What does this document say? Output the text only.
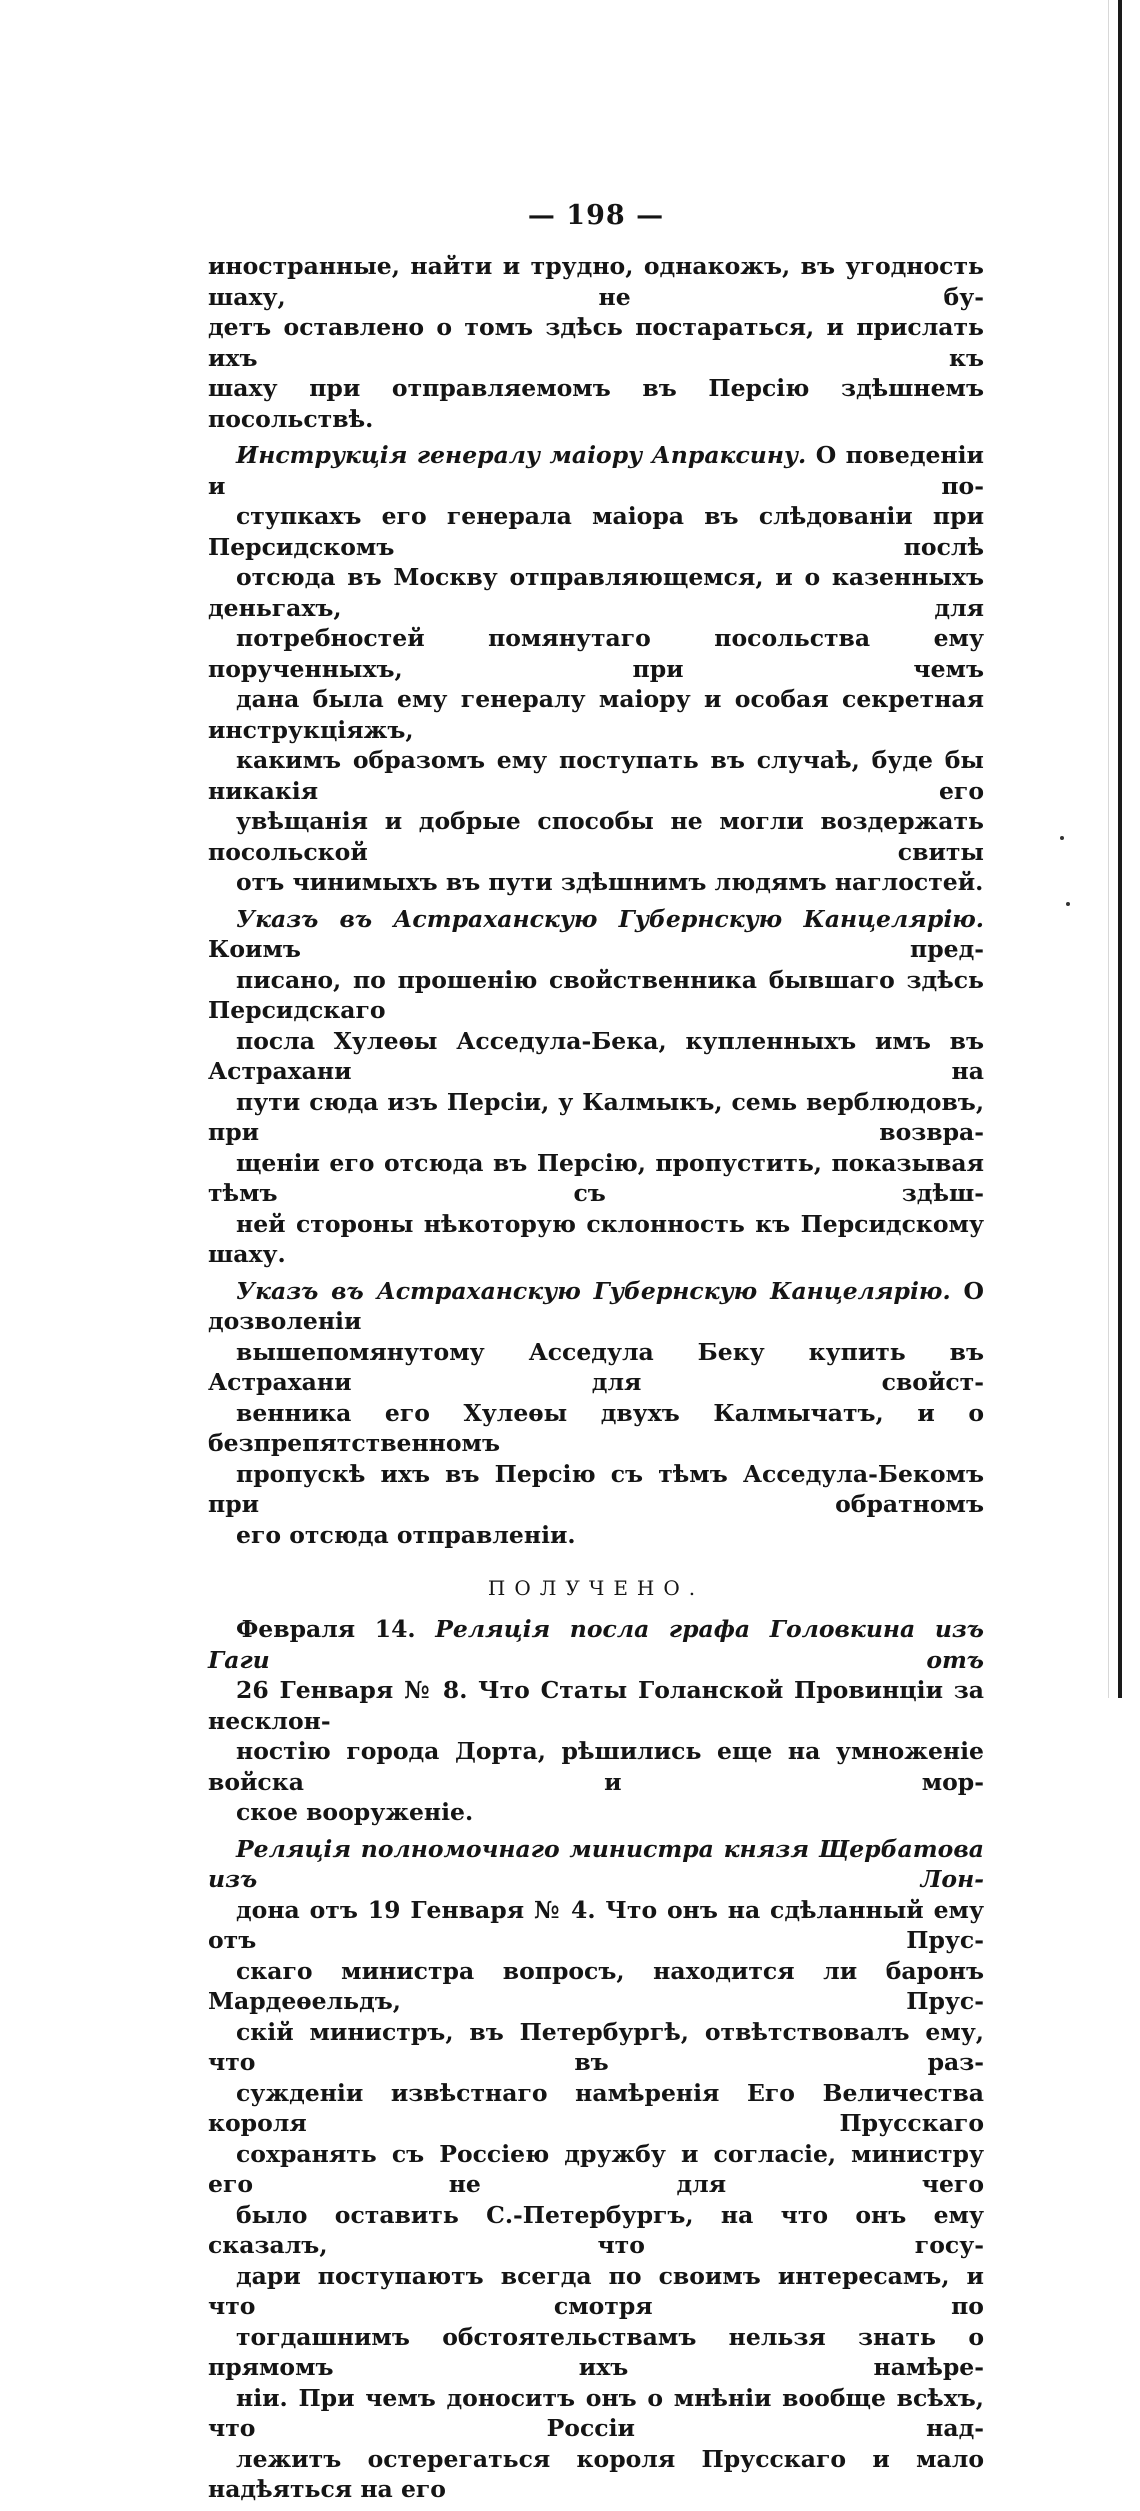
— 198 —

иностранные, найти и трудно, однакожъ, въ угодность шаху, не бу-
детъ оставлено о томъ здѣсь постараться, и прислать ихъ къ
шаху при отправляемомъ въ Персію здѣшнемъ посольствѣ.

Инструкція генералу маіору Апраксину. О поведеніи и по-
ступкахъ его генерала маіора въ слѣдованіи при Персидскомъ послѣ
отсюда въ Москву отправляющемся, и о казенныхъ деньгахъ, для
потребностей помянутаго посольства ему порученныхъ, при чемъ
дана была ему генералу маіору и особая секретная инструкціяжъ,
какимъ образомъ ему поступать въ случаѣ, буде бы никакія его
увѣщанія и добрые способы не могли воздержать посольской свиты
отъ чинимыхъ въ пути здѣшнимъ людямъ наглостей.

Указъ въ Астраханскую Губернскую Канцелярію. Коимъ пред-
писано, по прошенію свойственника бывшаго здѣсь Персидскаго
посла Хулеѳы Асседула-Бека, купленныхъ имъ въ Астрахани на
пути сюда изъ Персіи, у Калмыкъ, семь верблюдовъ, при возвра-
щеніи его отсюда въ Персію, пропустить, показывая тѣмъ съ здѣш-
ней стороны нѣкоторую склонность къ Персидскому шаху.

Указъ въ Астраханскую Губернскую Канцелярію. О дозволеніи
вышепомянутому Асседула Беку купить въ Астрахани для свойст-
венника его Хулеѳы двухъ Калмычатъ, и о безпрепятственномъ
пропускѣ ихъ въ Персію съ тѣмъ Асседула-Бекомъ при обратномъ
его отсюда отправленіи.

ПОЛУЧЕНО.

Февраля 14. Реляція посла графа Головкина изъ Гаги отъ
26 Генваря № 8. Что Статы Голанской Провинціи за несклон-
ностію города Дорта, рѣшились еще на умноженіе войска и мор-
ское вооруженіе.

Реляція полномочнаго министра князя Щербатова изъ Лон-
дона отъ 19 Генваря № 4. Что онъ на сдѣланный ему отъ Прус-
скаго министра вопросъ, находится ли баронъ Мардеѳельдъ, Прус-
скій министръ, въ Петербургѣ, отвѣтствовалъ ему, что въ раз-
сужденіи извѣстнаго намѣренія Его Величества короля Прусскаго
сохранять съ Россіею дружбу и согласіе, министру его не для чего
было оставить С.-Петербургъ, на что онъ ему сказалъ, что госу-
дари поступаютъ всегда по своимъ интересамъ, и что смотря по
тогдашнимъ обстоятельствамъ нельзя знать о прямомъ ихъ намѣре-
ніи. При чемъ доноситъ онъ о мнѣніи вообще всѣхъ, что Россіи над-
лежитъ остерегаться короля Прусскаго и мало надѣяться на его
